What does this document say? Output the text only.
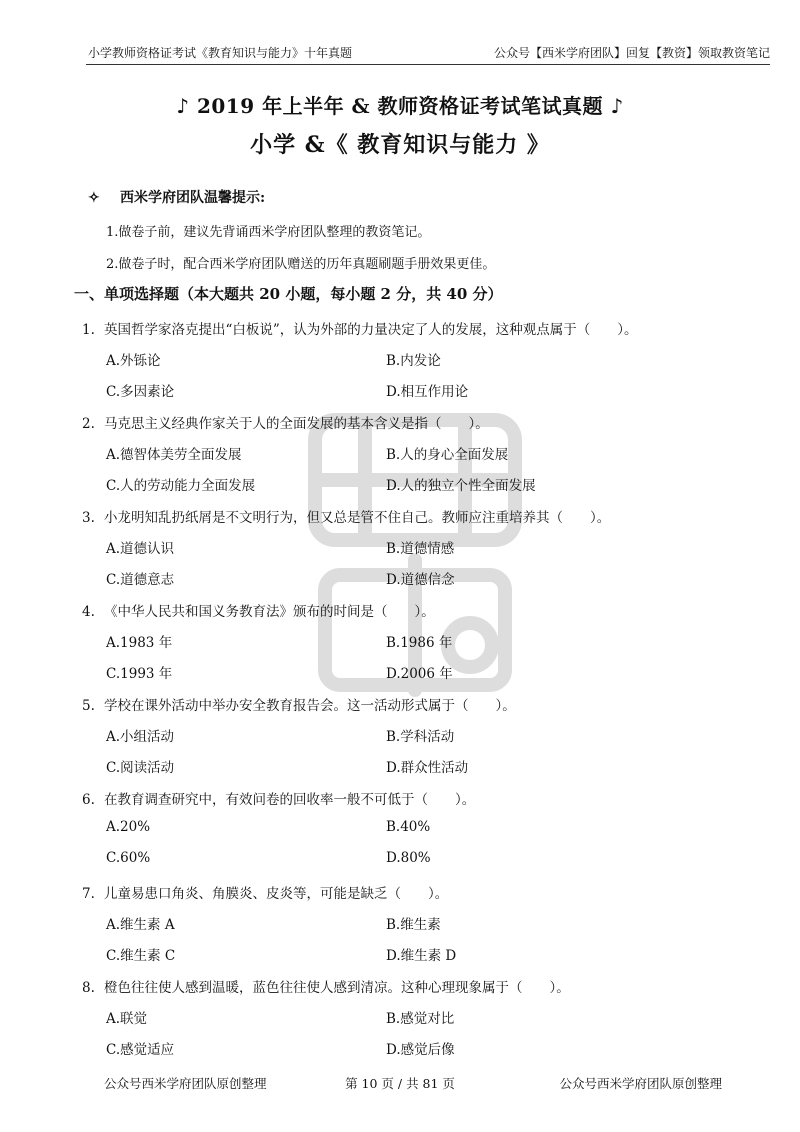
小学教师资格证考试《教育知识与能力》十年真题	公众号【西米学府团队】回复【教资】领取教资笔记
♪ 2019 年上半年 & 教师资格证考试笔试真题 ♪
小学 &《 教育知识与能力 》
✧ 西米学府团队温馨提示:
1.做卷子前，建议先背诵西米学府团队整理的教资笔记。
2.做卷子时，配合西米学府团队赠送的历年真题刷题手册效果更佳。
一、单项选择题（本大题共 20 小题，每小题 2 分，共 40 分）
1. 英国哲学家洛克提出“白板说”，认为外部的力量决定了人的发展，这种观点属于（　　）。
A.外铄论	B.内发论
C.多因素论	D.相互作用论
2. 马克思主义经典作家关于人的全面发展的基本含义是指（　　）。
A.德智体美劳全面发展	B.人的身心全面发展
C.人的劳动能力全面发展	D.人的独立个性全面发展
3. 小龙明知乱扔纸屑是不文明行为，但又总是管不住自己。教师应注重培养其（　　）。
A.道德认识	B.道德情感
C.道德意志	D.道德信念
4. 《中华人民共和国义务教育法》颁布的时间是（　　）。
A.1983 年	B.1986 年
C.1993 年	D.2006 年
5. 学校在课外活动中举办安全教育报告会。这一活动形式属于（　　）。
A.小组活动	B.学科活动
C.阅读活动	D.群众性活动
6. 在教育调查研究中，有效问卷的回收率一般不可低于（　　）。
A.20%	B.40%
C.60%	D.80%
7. 儿童易患口角炎、角膜炎、皮炎等，可能是缺乏（　　）。
A.维生素 A	B.维生素
C.维生素 C	D.维生素 D
8. 橙色往往使人感到温暖，蓝色往往使人感到清凉。这种心理现象属于（　　）。
A.联觉	B.感觉对比
C.感觉适应	D.感觉后像
公众号西米学府团队原创整理	第 10 页 / 共 81 页	公众号西米学府团队原创整理
